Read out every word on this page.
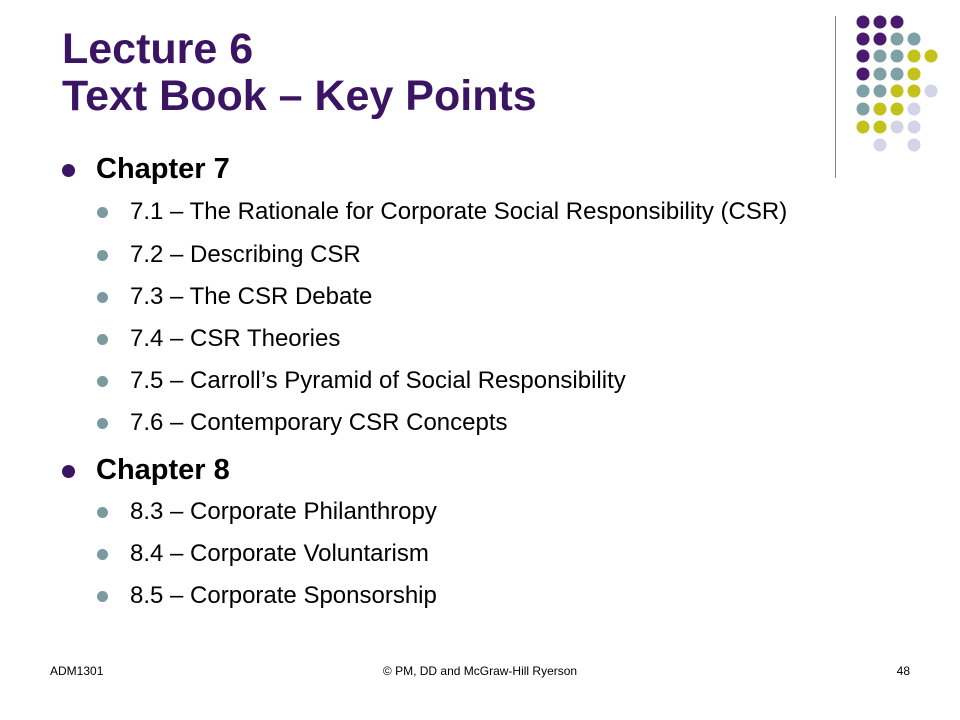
Lecture 6
Text Book – Key Points
Chapter 7
7.1 – The Rationale for Corporate Social Responsibility (CSR)
7.2 – Describing CSR
7.3 – The CSR Debate
7.4 – CSR Theories
7.5 – Carroll’s Pyramid of Social Responsibility
7.6 – Contemporary CSR Concepts
Chapter 8
8.3 – Corporate Philanthropy
8.4 – Corporate Voluntarism
8.5 – Corporate Sponsorship
ADM1301	© PM, DD and McGraw-Hill Ryerson	48
